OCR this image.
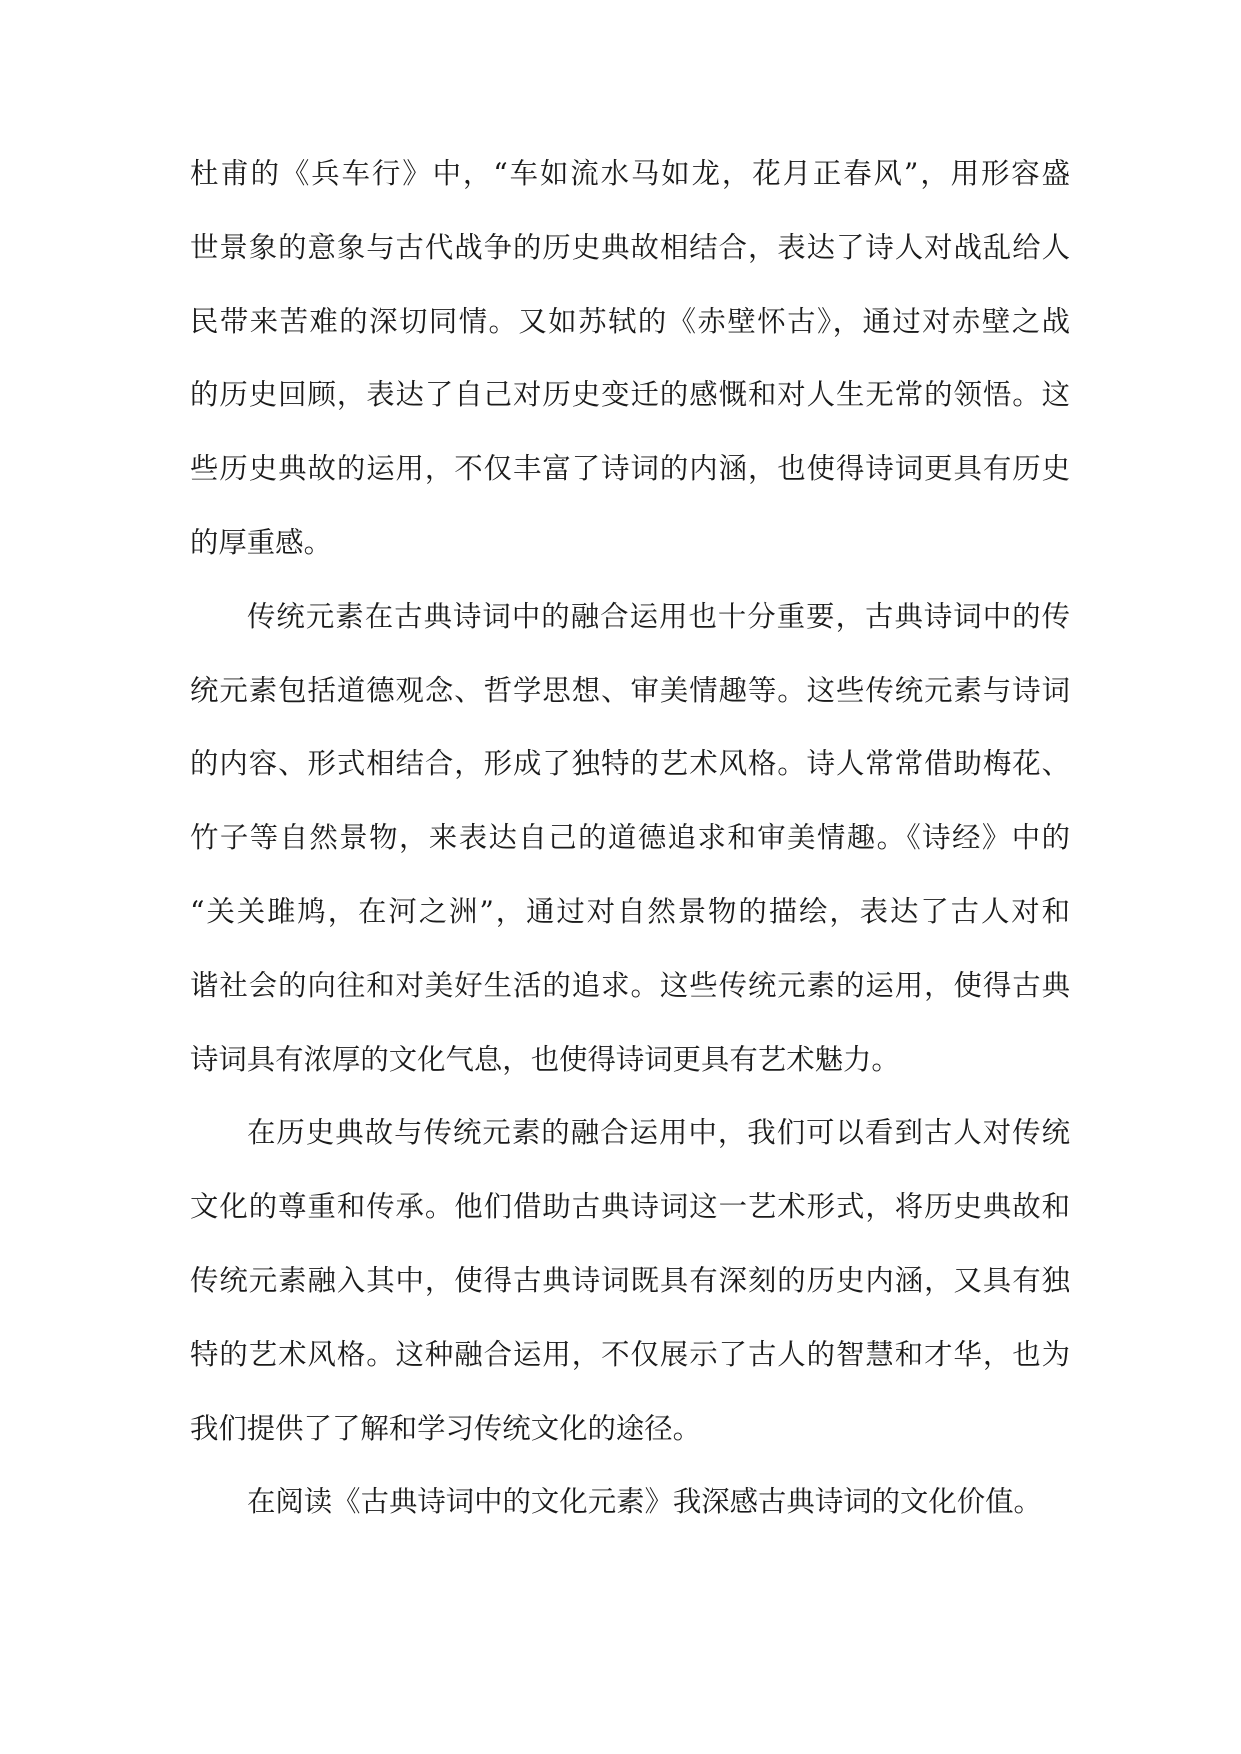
杜甫的《兵车行》中，“车如流水马如龙，花月正春风”，用形容盛
世景象的意象与古代战争的历史典故相结合，表达了诗人对战乱给人
民带来苦难的深切同情。又如苏轼的《赤壁怀古》，通过对赤壁之战
的历史回顾，表达了自己对历史变迁的感慨和对人生无常的领悟。这
些历史典故的运用，不仅丰富了诗词的内涵，也使得诗词更具有历史
的厚重感。
传统元素在古典诗词中的融合运用也十分重要，古典诗词中的传
统元素包括道德观念、哲学思想、审美情趣等。这些传统元素与诗词
的内容、形式相结合，形成了独特的艺术风格。诗人常常借助梅花、
竹子等自然景物，来表达自己的道德追求和审美情趣。《诗经》中的
“关关雎鸠，在河之洲”，通过对自然景物的描绘，表达了古人对和
谐社会的向往和对美好生活的追求。这些传统元素的运用，使得古典
诗词具有浓厚的文化气息，也使得诗词更具有艺术魅力。
在历史典故与传统元素的融合运用中，我们可以看到古人对传统
文化的尊重和传承。他们借助古典诗词这一艺术形式，将历史典故和
传统元素融入其中，使得古典诗词既具有深刻的历史内涵，又具有独
特的艺术风格。这种融合运用，不仅展示了古人的智慧和才华，也为
我们提供了了解和学习传统文化的途径。
在阅读《古典诗词中的文化元素》我深感古典诗词的文化价值。
